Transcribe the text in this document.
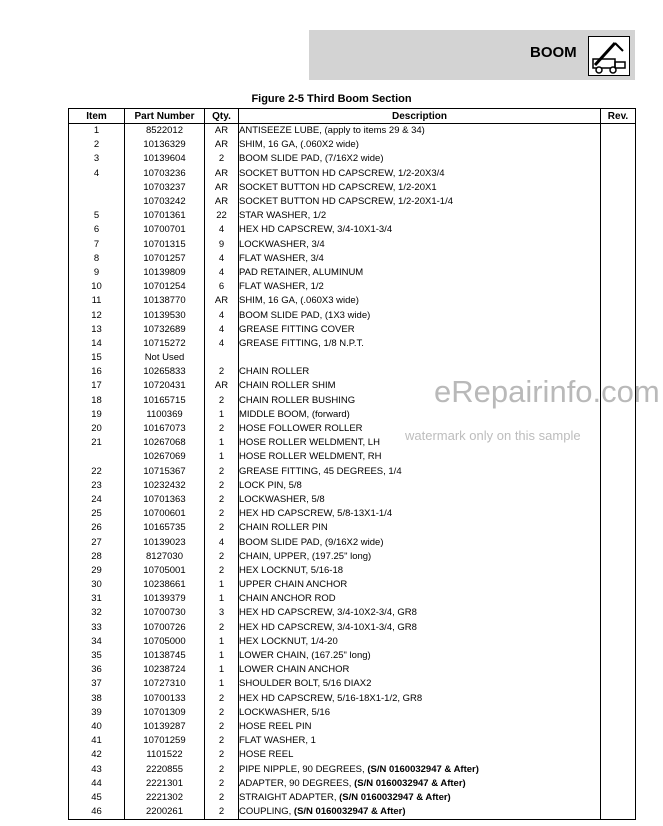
BOOM
Figure 2-5 Third Boom Section
Item	Part Number	Qty.	Description	Rev.
1	8522012	AR	ANTISEEZE LUBE, (apply to items 29 & 34)	
2	10136329	AR	SHIM, 16 GA, (.060X2 wide)	
3	10139604	2	BOOM SLIDE PAD, (7/16X2 wide)	
4	10703236	AR	SOCKET BUTTON HD CAPSCREW, 1/2-20X3/4	
	10703237	AR	SOCKET BUTTON HD CAPSCREW, 1/2-20X1	
	10703242	AR	SOCKET BUTTON HD CAPSCREW, 1/2-20X1-1/4	
5	10701361	22	STAR WASHER, 1/2	
6	10700701	4	HEX HD CAPSCREW, 3/4-10X1-3/4	
7	10701315	9	LOCKWASHER, 3/4	
8	10701257	4	FLAT WASHER, 3/4	
9	10139809	4	PAD RETAINER, ALUMINUM	
10	10701254	6	FLAT WASHER, 1/2	
11	10138770	AR	SHIM, 16 GA, (.060X3 wide)	
12	10139530	4	BOOM SLIDE PAD, (1X3 wide)	
13	10732689	4	GREASE FITTING COVER	
14	10715272	4	GREASE FITTING, 1/8 N.P.T.	
15	Not Used			
16	10265833	2	CHAIN ROLLER	
17	10720431	AR	CHAIN ROLLER SHIM	
18	10165715	2	CHAIN ROLLER BUSHING	
19	1100369	1	MIDDLE BOOM, (forward)	
20	10167073	2	HOSE FOLLOWER ROLLER	
21	10267068	1	HOSE ROLLER WELDMENT, LH	
	10267069	1	HOSE ROLLER WELDMENT, RH	
22	10715367	2	GREASE FITTING, 45 DEGREES, 1/4	
23	10232432	2	LOCK PIN, 5/8	
24	10701363	2	LOCKWASHER, 5/8	
25	10700601	2	HEX HD CAPSCREW, 5/8-13X1-1/4	
26	10165735	2	CHAIN ROLLER PIN	
27	10139023	4	BOOM SLIDE PAD, (9/16X2 wide)	
28	8127030	2	CHAIN, UPPER, (197.25" long)	
29	10705001	2	HEX LOCKNUT, 5/16-18	
30	10238661	1	UPPER CHAIN ANCHOR	
31	10139379	1	CHAIN ANCHOR ROD	
32	10700730	3	HEX HD CAPSCREW, 3/4-10X2-3/4, GR8	
33	10700726	2	HEX HD CAPSCREW, 3/4-10X1-3/4, GR8	
34	10705000	1	HEX LOCKNUT, 1/4-20	
35	10138745	1	LOWER CHAIN, (167.25" long)	
36	10238724	1	LOWER CHAIN ANCHOR	
37	10727310	1	SHOULDER BOLT, 5/16 DIAX2	
38	10700133	2	HEX HD CAPSCREW, 5/16-18X1-1/2, GR8	
39	10701309	2	LOCKWASHER, 5/16	
40	10139287	2	HOSE REEL PIN	
41	10701259	2	FLAT WASHER, 1	
42	1101522	2	HOSE REEL	
43	2220855	2	PIPE NIPPLE, 90 DEGREES, (S/N 0160032947 & After)	
44	2221301	2	ADAPTER, 90 DEGREES, (S/N 0160032947 & After)	
45	2221302	2	STRAIGHT ADAPTER, (S/N 0160032947 & After)	
46	2200261	2	COUPLING, (S/N 0160032947 & After)	
eRepairinfo.com
watermark only on this sample
